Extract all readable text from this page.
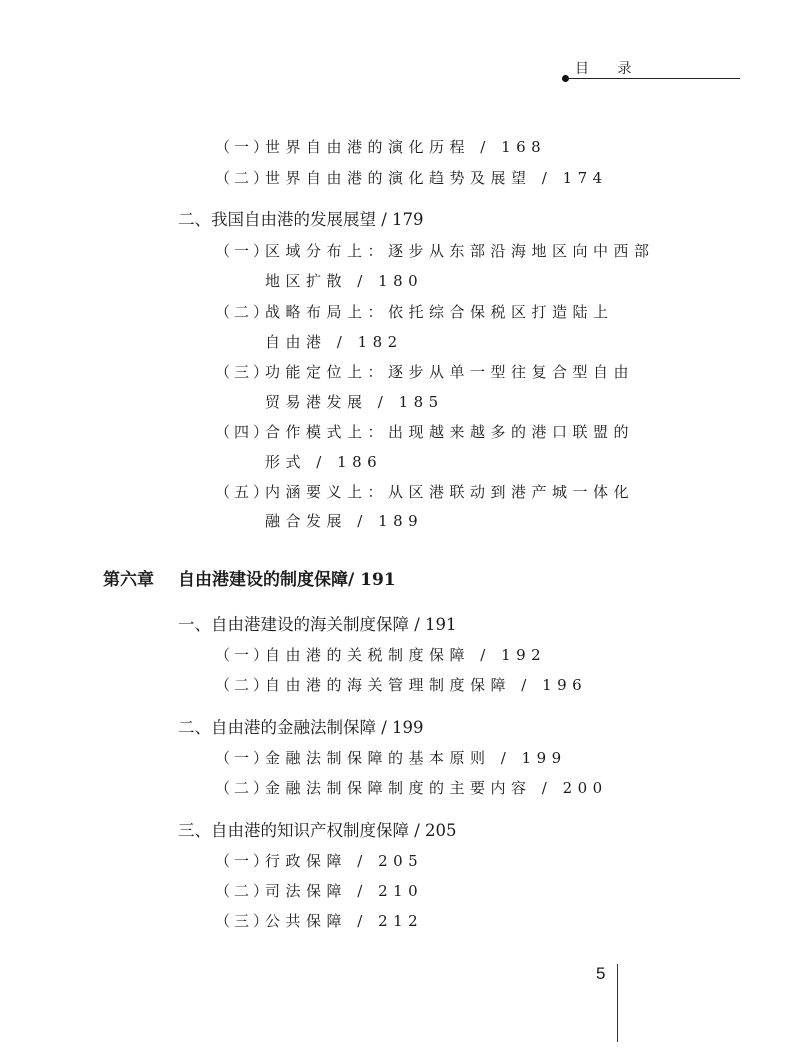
目 录
（一）
世界自由港的演化历程 / 168
（二）
世界自由港的演化趋势及展望 / 174
二、我国自由港的发展展望 / 179
（一）
区域分布上：逐步从东部沿海地区向中西部
地区扩散 / 180
（二）
战略布局上：依托综合保税区打造陆上
自由港 / 182
（三）
功能定位上：逐步从单一型往复合型自由
贸易港发展 / 185
（四）
合作模式上：出现越来越多的港口联盟的
形式 / 186
（五）
内涵要义上：从区港联动到港产城一体化
融合发展 / 189
第六章 自由港建设的制度保障/ 191
一、自由港建设的海关制度保障 / 191
（一）
自由港的关税制度保障 / 192
（二）
自由港的海关管理制度保障 / 196
二、自由港的金融法制保障 / 199
（一）
金融法制保障的基本原则 / 199
（二）
金融法制保障制度的主要内容 / 200
三、自由港的知识产权制度保障 / 205
（一）
行政保障 / 205
（二）
司法保障 / 210
（三）
公共保障 / 212
5
